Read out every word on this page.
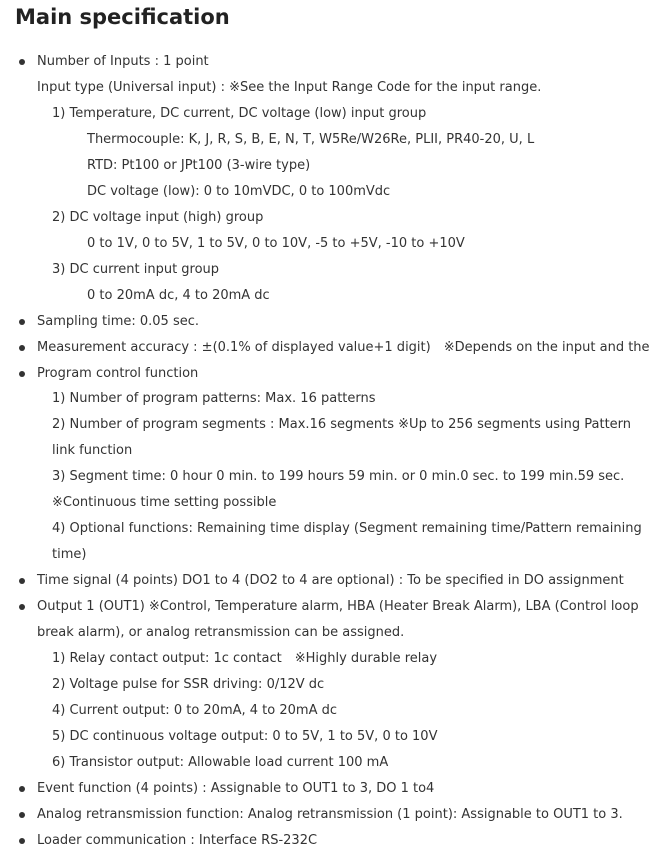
Main specification
Number of Inputs : 1 point
Input type (Universal input) : ※See the Input Range Code for the input range.
1) Temperature, DC current, DC voltage (low) input group
Thermocouple: K, J, R, S, B, E, N, T, W5Re/W26Re, PLII, PR40-20, U, L
RTD: Pt100 or JPt100 (3-wire type)
DC voltage (low): 0 to 10mVDC, 0 to 100mVdc
2) DC voltage input (high) group
0 to 1V, 0 to 5V, 1 to 5V, 0 to 10V, -5 to +5V, -10 to +10V
3) DC current input group
0 to 20mA dc, 4 to 20mA dc
Sampling time: 0.05 sec.
Measurement accuracy : ±(0.1% of displayed value+1 digit)　※Depends on the input and the
Program control function
1) Number of program patterns: Max. 16 patterns
2) Number of program segments : Max.16 segments ※Up to 256 segments using Pattern
link function
3) Segment time: 0 hour 0 min. to 199 hours 59 min. or 0 min.0 sec. to 199 min.59 sec.
※Continuous time setting possible
4) Optional functions: Remaining time display (Segment remaining time/Pattern remaining
time)
Time signal (4 points) DO1 to 4 (DO2 to 4 are optional) : To be specified in DO assignment
Output 1 (OUT1) ※Control, Temperature alarm, HBA (Heater Break Alarm), LBA (Control loop
break alarm), or analog retransmission can be assigned.
1) Relay contact output: 1c contact　※Highly durable relay
2) Voltage pulse for SSR driving: 0/12V dc
4) Current output: 0 to 20mA, 4 to 20mA dc
5) DC continuous voltage output: 0 to 5V, 1 to 5V, 0 to 10V
6) Transistor output: Allowable load current 100 mA
Event function (4 points) : Assignable to OUT1 to 3, DO 1 to4
Analog retransmission function: Analog retransmission (1 point): Assignable to OUT1 to 3.
Loader communication : Interface RS-232C
